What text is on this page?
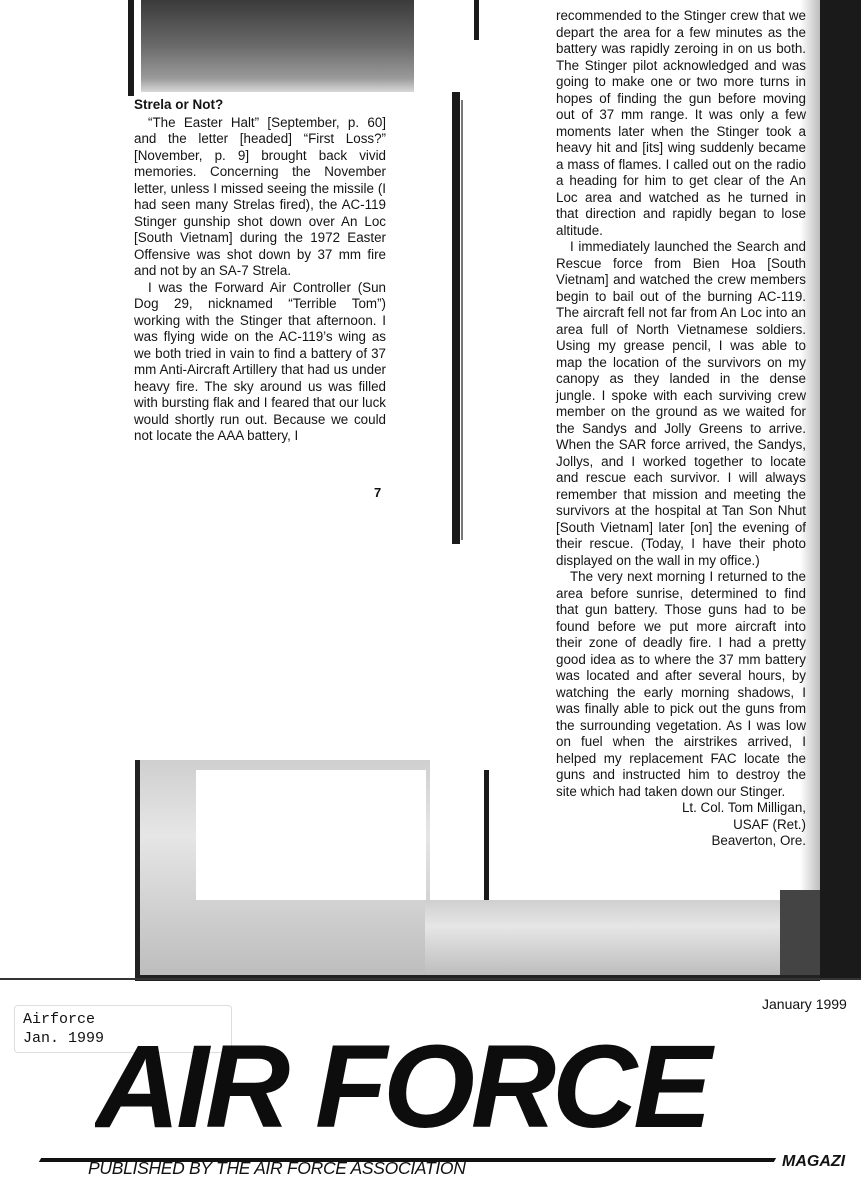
Strela or Not?

“The Easter Halt” [September, p. 60] and the letter [headed] “First Loss?” [November, p. 9] brought back vivid memories. Concerning the November letter, unless I missed seeing the missile (I had seen many Strelas fired), the AC-119 Stinger gunship shot down over An Loc [South Vietnam] during the 1972 Easter Offensive was shot down by 37 mm fire and not by an SA-7 Strela.

I was the Forward Air Controller (Sun Dog 29, nicknamed “Terrible Tom”) working with the Stinger that afternoon. I was flying wide on the AC-119’s wing as we both tried in vain to find a battery of 37 mm Anti-Aircraft Artillery that had us under heavy fire. The sky around us was filled with bursting flak and I feared that our luck would shortly run out. Because we could not locate the AAA battery, I

7

recommended to the Stinger crew that we depart the area for a few minutes as the battery was rapidly zeroing in on us both. The Stinger pilot acknowledged and was going to make one or two more turns in hopes of finding the gun before moving out of 37 mm range. It was only a few moments later when the Stinger took a heavy hit and [its] wing suddenly became a mass of flames. I called out on the radio a heading for him to get clear of the An Loc area and watched as he turned in that direction and rapidly began to lose altitude.

I immediately launched the Search and Rescue force from Bien Hoa [South Vietnam] and watched the crew members begin to bail out of the burning AC-119. The aircraft fell not far from An Loc into an area full of North Vietnamese soldiers. Using my grease pencil, I was able to map the location of the survivors on my canopy as they landed in the dense jungle. I spoke with each surviving crew member on the ground as we waited for the Sandys and Jolly Greens to arrive. When the SAR force arrived, the Sandys, Jollys, and I worked together to locate and rescue each survivor. I will always remember that mission and meeting the survivors at the hospital at Tan Son Nhut [South Vietnam] later [on] the evening of their rescue. (Today, I have their photo displayed on the wall in my office.)

The very next morning I returned to the area before sunrise, determined to find that gun battery. Those guns had to be found before we put more aircraft into their zone of deadly fire. I had a pretty good idea as to where the 37 mm battery was located and after several hours, by watching the early morning shadows, I was finally able to pick out the guns from the surrounding vegetation. As I was low on fuel when the airstrikes arrived, I helped my replacement FAC locate the guns and instructed him to destroy the site which had taken down our Stinger.

Lt. Col. Tom Milligan,
USAF (Ret.)
Beaverton, Ore.
Airforce
Jan. 1999
January 1999
AIR FORCE
PUBLISHED BY THE AIR FORCE ASSOCIATION	MAGAZI
